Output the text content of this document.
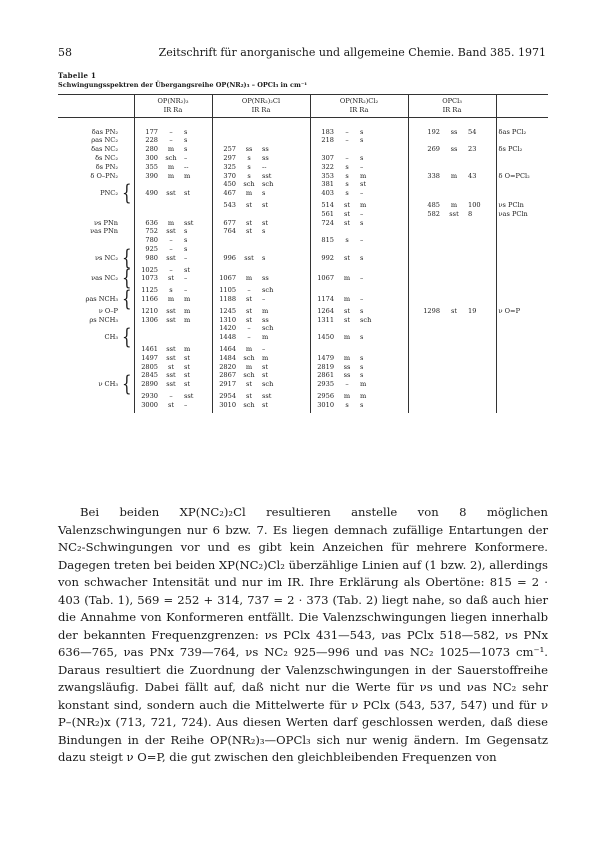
58	Zeitschrift für anorganische und allgemeine Chemie. Band 385. 1971
Tabelle 1
Schwingungsspektren der Übergangsreihe OP(NR₂)₃ – OPCl₃ in cm⁻¹
		OP(NR₂)₃			OP(NR₂)₂Cl			OP(NR₂)Cl₂			OPCl₃			
		IR Ra			IR Ra			IR Ra			IR Ra			
δas PN₂		177	–	s				183	–	s	192	ss	54	δas PCl₂
ρas NC₂		228	–	s				218	–	s				
δas NC₂		280	m	s	257	ss	ss				269	ss	23	δs PCl₂
δs NC₂		300	sch	–	297	s	ss	307	–	s				
δs PN₂		355	m	--	325	s	--	322	s	–				
δ O–PN₂		390	m	m	370	s	sst	353	s	m	338	m	43	δ O=PCl₂
					450	sch	sch	381	s	st				
PNC₂	{	490	sst	st	467	m	s	403	s	–				
					543	st	st	514	st	m	485	m	100	νs PCln
								561	st	–	582	sst	8	νas PCln
νs PNn		636	m	sst	677	st	st	724	st	s				
νas PNn		752	sst	s	764	st	s							
		780	–	s				815	s	–				
		925	–	s										
νs NC₂	{	980	sst	–	996	sst	s	992	st	s				
		1025	–	st										
νas NC₂	{	1073	st	–	1067	m	ss	1067	m	–				
		1125	s	–	1105	–	sch							
ρas NCH₃	{	1166	m	m	1188	st	–	1174	m	–				
ν O–P		1210	sst	m	1245	st	m	1264	st	s	1298	st	19	ν O=P
ρs NCH₃		1306	sst	m	1310	st	ss	1311	st	sch				
					1420	–	sch							
CH₃	{				1448	–	m	1450	m	s				
		1461	sst	m	1464	m	–							
		1497	sst	st	1484	sch	m	1479	m	s				
		2805	st	st	2820	m	st	2819	ss	s				
		2845	sst	st	2867	sch	st	2861	ss	s				
ν CH₃	{	2890	sst	st	2917	st	sch	2935	–	m				
		2930	–	sst	2954	st	sst	2956	m	m				
		3000	st	–	3010	sch	st	3010	s	s				

Bei beiden XP(NC₂)₂Cl resultieren anstelle von 8 möglichen Valenzschwingungen nur 6 bzw. 7. Es liegen demnach zufällige Entartungen der NC₂-Schwingungen vor und es gibt kein Anzeichen für mehrere Konformere. Dagegen treten bei beiden XP(NC₂)Cl₂ überzählige Linien auf (1 bzw. 2), allerdings von schwacher Intensität und nur im IR. Ihre Erklärung als Obertöne: 815 = 2 · 403 (Tab. 1), 569 = 252 + 314, 737 = 2 · 373 (Tab. 2) liegt nahe, so daß auch hier die Annahme von Konformeren entfällt. Die Valenzschwingungen liegen innerhalb der bekannten Frequenzgrenzen: νs PClx 431—543, νas PClx 518—582, νs PNx 636—765, νas PNx 739—764, νs NC₂ 925—996 und νas NC₂ 1025—1073 cm⁻¹. Daraus resultiert die Zuordnung der Valenzschwingungen in der Sauerstoffreihe zwangsläufig. Dabei fällt auf, daß nicht nur die Werte für νs und νas NC₂ sehr konstant sind, sondern auch die Mittelwerte für ν PClx (543, 537, 547) und für ν P–(NR₂)x (713, 721, 724). Aus diesen Werten darf geschlossen werden, daß diese Bindungen in der Reihe OP(NR₂)₃—OPCl₃ sich nur wenig ändern. Im Gegensatz dazu steigt ν O=P, die gut zwischen den gleichbleibenden Frequenzen von
